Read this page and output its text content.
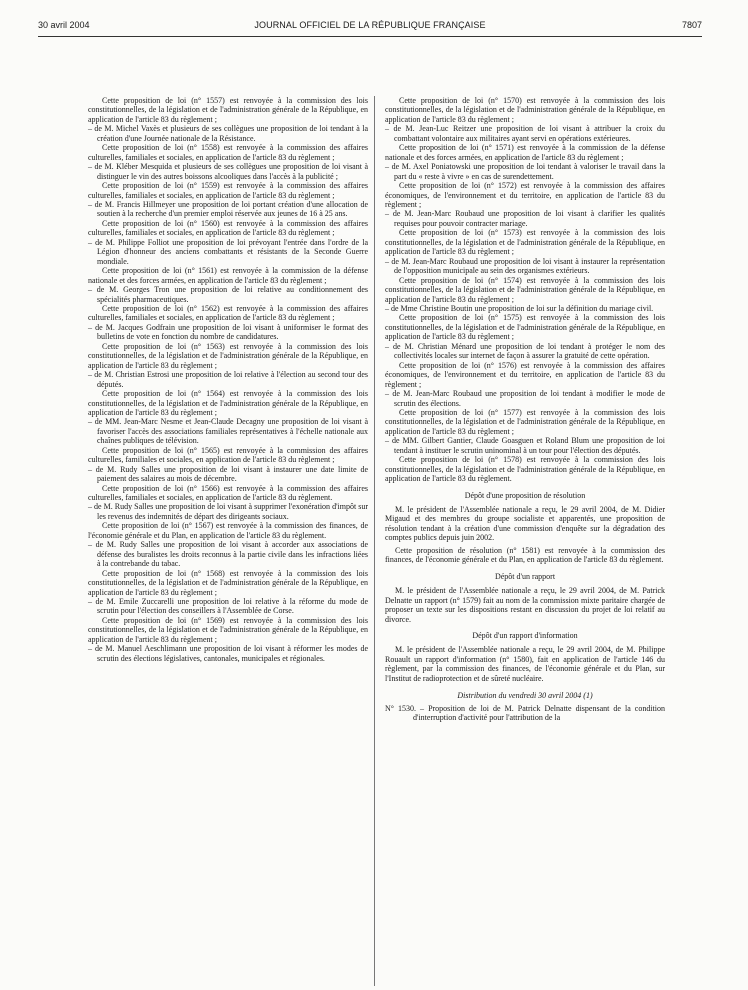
30 avril 2004	JOURNAL OFFICIEL DE LA RÉPUBLIQUE FRANÇAISE	7807

Cette proposition de loi (n° 1557) est renvoyée à la commission des lois constitutionnelles, de la législation et de l'administration générale de la République, en application de l'article 83 du règlement ;

– de M. Michel Vaxès et plusieurs de ses collègues une proposition de loi tendant à la création d'une Journée nationale de la Résistance.

Cette proposition de loi (n° 1558) est renvoyée à la commission des affaires culturelles, familiales et sociales, en application de l'article 83 du règlement ;

– de M. Kléber Mesquida et plusieurs de ses collègues une proposition de loi visant à distinguer le vin des autres boissons alcooliques dans l'accès à la publicité ;

Cette proposition de loi (n° 1559) est renvoyée à la commission des affaires culturelles, familiales et sociales, en application de l'article 83 du règlement ;

– de M. Francis Hillmeyer une proposition de loi portant création d'une allocation de soutien à la recherche d'un premier emploi réservée aux jeunes de 16 à 25 ans.

Cette proposition de loi (n° 1560) est renvoyée à la commission des affaires culturelles, familiales et sociales, en application de l'article 83 du règlement ;

– de M. Philippe Folliot une proposition de loi prévoyant l'entrée dans l'ordre de la Légion d'honneur des anciens combattants et résistants de la Seconde Guerre mondiale.

Cette proposition de loi (n° 1561) est renvoyée à la commission de la défense nationale et des forces armées, en application de l'article 83 du règlement ;

– de M. Georges Tron une proposition de loi relative au conditionnement des spécialités pharmaceutiques.

Cette proposition de loi (n° 1562) est renvoyée à la commission des affaires culturelles, familiales et sociales, en application de l'article 83 du règlement ;

– de M. Jacques Godfrain une proposition de loi visant à uniformiser le format des bulletins de vote en fonction du nombre de candidatures.

Cette proposition de loi (n° 1563) est renvoyée à la commission des lois constitutionnelles, de la législation et de l'administration générale de la République, en application de l'article 83 du règlement ;

– de M. Christian Estrosi une proposition de loi relative à l'élection au second tour des députés.

Cette proposition de loi (n° 1564) est renvoyée à la commission des lois constitutionnelles, de la législation et de l'administration générale de la République, en application de l'article 83 du règlement ;

– de MM. Jean-Marc Nesme et Jean-Claude Decagny une proposition de loi visant à favoriser l'accès des associations familiales représentatives à l'échelle nationale aux chaînes publiques de télévision.

Cette proposition de loi (n° 1565) est renvoyée à la commission des affaires culturelles, familiales et sociales, en application de l'article 83 du règlement ;

– de M. Rudy Salles une proposition de loi visant à instaurer une date limite de paiement des salaires au mois de décembre.

Cette proposition de loi (n° 1566) est renvoyée à la commission des affaires culturelles, familiales et sociales, en application de l'article 83 du règlement.

– de M. Rudy Salles une proposition de loi visant à supprimer l'exonération d'impôt sur les revenus des indemnités de départ des dirigeants sociaux.

Cette proposition de loi (n° 1567) est renvoyée à la commission des finances, de l'économie générale et du Plan, en application de l'article 83 du règlement.

– de M. Rudy Salles une proposition de loi visant à accorder aux associations de défense des buralistes les droits reconnus à la partie civile dans les infractions liées à la contrebande du tabac.

Cette proposition de loi (n° 1568) est renvoyée à la commission des lois constitutionnelles, de la législation et de l'administration générale de la République, en application de l'article 83 du règlement ;

– de M. Emile Zuccarelli une proposition de loi relative à la réforme du mode de scrutin pour l'élection des conseillers à l'Assemblée de Corse.

Cette proposition de loi (n° 1569) est renvoyée à la commission des lois constitutionnelles, de la législation et de l'administration générale de la République, en application de l'article 83 du règlement ;

– de M. Manuel Aeschlimann une proposition de loi visant à réformer les modes de scrutin des élections législatives, cantonales, municipales et régionales.

Cette proposition de loi (n° 1570) est renvoyée à la commission des lois constitutionnelles, de la législation et de l'administration générale de la République, en application de l'article 83 du règlement ;

– de M. Jean-Luc Reitzer une proposition de loi visant à attribuer la croix du combattant volontaire aux militaires ayant servi en opérations extérieures.

Cette proposition de loi (n° 1571) est renvoyée à la commission de la défense nationale et des forces armées, en application de l'article 83 du règlement ;

– de M. Axel Poniatowski une proposition de loi tendant à valoriser le travail dans la part du « reste à vivre » en cas de surendettement.

Cette proposition de loi (n° 1572) est renvoyée à la commission des affaires économiques, de l'environnement et du territoire, en application de l'article 83 du règlement ;

– de M. Jean-Marc Roubaud une proposition de loi visant à clarifier les qualités requises pour pouvoir contracter mariage.

Cette proposition de loi (n° 1573) est renvoyée à la commission des lois constitutionnelles, de la législation et de l'administration générale de la République, en application de l'article 83 du règlement ;

– de M. Jean-Marc Roubaud une proposition de loi visant à instaurer la représentation de l'opposition municipale au sein des organismes extérieurs.

Cette proposition de loi (n° 1574) est renvoyée à la commission des lois constitutionnelles, de la législation et de l'administration générale de la République, en application de l'article 83 du règlement ;

– de Mme Christine Boutin une proposition de loi sur la définition du mariage civil.

Cette proposition de loi (n° 1575) est renvoyée à la commission des lois constitutionnelles, de la législation et de l'administration générale de la République, en application de l'article 83 du règlement ;

– de M. Christian Ménard une proposition de loi tendant à protéger le nom des collectivités locales sur internet de façon à assurer la gratuité de cette opération.

Cette proposition de loi (n° 1576) est renvoyée à la commission des affaires économiques, de l'environnement et du territoire, en application de l'article 83 du règlement ;

– de M. Jean-Marc Roubaud une proposition de loi tendant à modifier le mode de scrutin des élections.

Cette proposition de loi (n° 1577) est renvoyée à la commission des lois constitutionnelles, de la législation et de l'administration générale de la République, en application de l'article 83 du règlement ;

– de MM. Gilbert Gantier, Claude Goasguen et Roland Blum une proposition de loi tendant à instituer le scrutin uninominal à un tour pour l'élection des députés.

Cette proposition de loi (n° 1578) est renvoyée à la commission des lois constitutionnelles, de la législation et de l'administration générale de la République, en application de l'article 83 du règlement.

Dépôt d'une proposition de résolution

M. le président de l'Assemblée nationale a reçu, le 29 avril 2004, de M. Didier Migaud et des membres du groupe socialiste et apparentés, une proposition de résolution tendant à la création d'une commission d'enquête sur la dégradation des comptes publics depuis juin 2002.

Cette proposition de résolution (n° 1581) est renvoyée à la commission des finances, de l'économie générale et du Plan, en application de l'article 83 du règlement.

Dépôt d'un rapport

M. le président de l'Assemblée nationale a reçu, le 29 avril 2004, de M. Patrick Delnatte un rapport (n° 1579) fait au nom de la commission mixte paritaire chargée de proposer un texte sur les dispositions restant en discussion du projet de loi relatif au divorce.

Dépôt d'un rapport d'information

M. le président de l'Assemblée nationale a reçu, le 29 avril 2004, de M. Philippe Rouault un rapport d'information (n° 1580), fait en application de l'article 146 du règlement, par la commission des finances, de l'économie générale et du Plan, sur l'Institut de radioprotection et de sûreté nucléaire.

Distribution du vendredi 30 avril 2004 (1)

N° 1530. – Proposition de loi de M. Patrick Delnatte dispensant de la condition d'interruption d'activité pour l'attribution de la
